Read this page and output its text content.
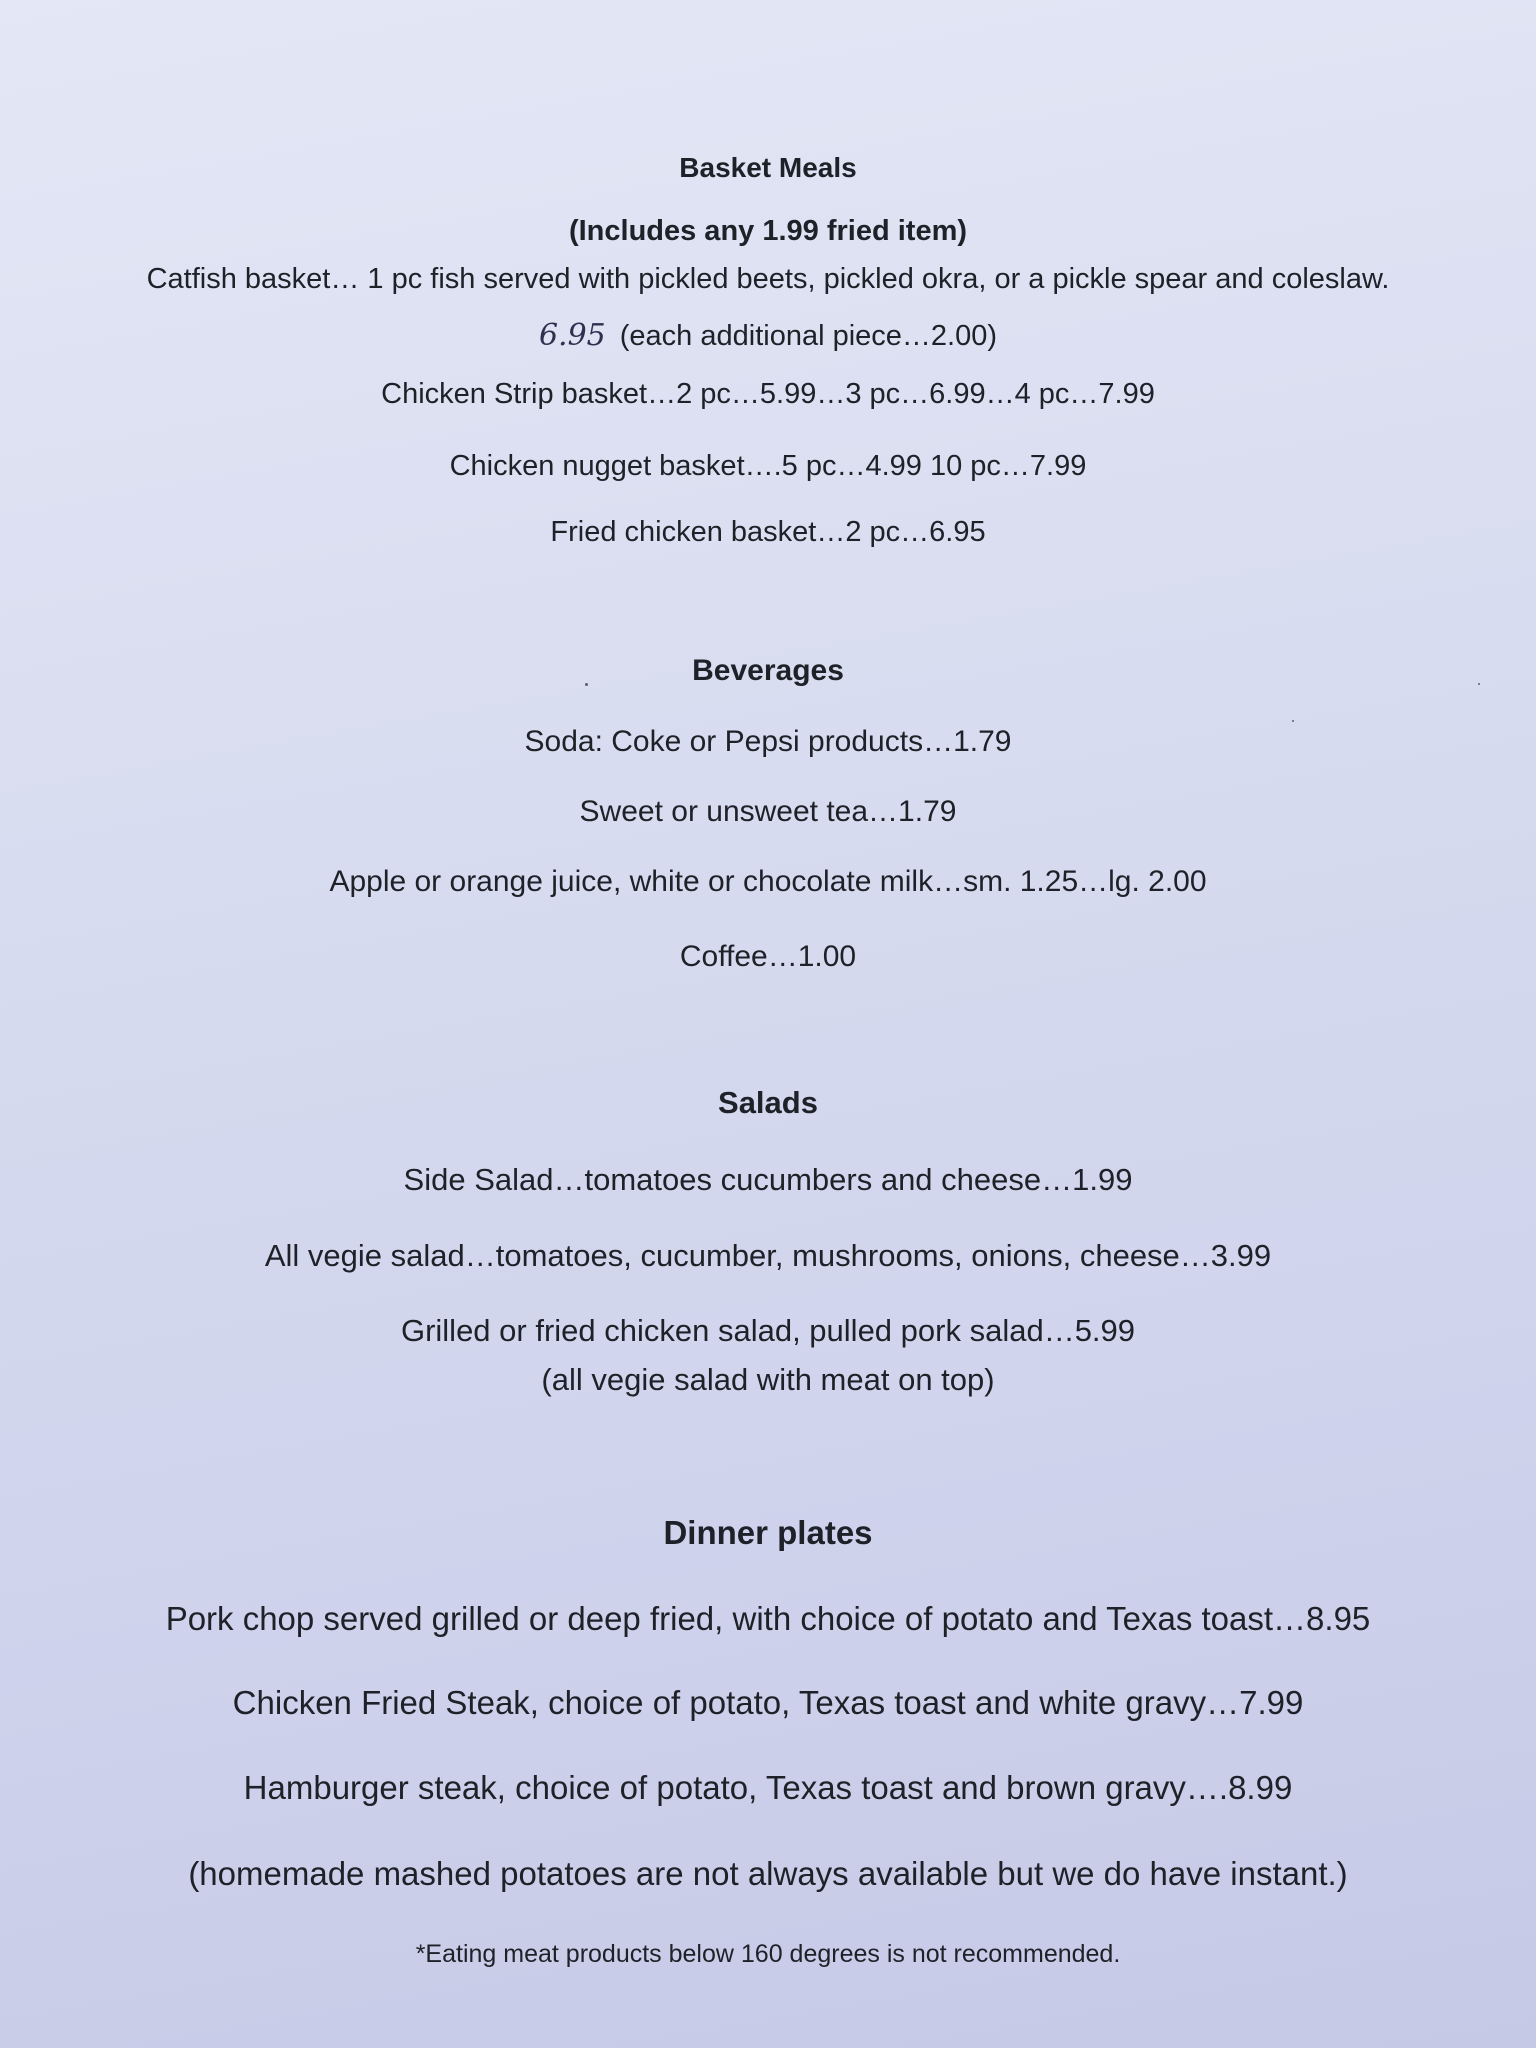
Basket Meals
(Includes any 1.99 fried item)
Catfish basket… 1 pc fish served with pickled beets, pickled okra, or a pickle spear and coleslaw.
6.95 (each additional piece…2.00)
Chicken Strip basket…2 pc…5.99…3 pc…6.99…4 pc…7.99
Chicken nugget basket….5 pc…4.99 10 pc…7.99
Fried chicken basket…2 pc…6.95
Beverages
Soda: Coke or Pepsi products…1.79
Sweet or unsweet tea…1.79
Apple or orange juice, white or chocolate milk…sm. 1.25…lg. 2.00
Coffee…1.00
Salads
Side Salad…tomatoes cucumbers and cheese…1.99
All vegie salad…tomatoes, cucumber, mushrooms, onions, cheese…3.99
Grilled or fried chicken salad, pulled pork salad…5.99
(all vegie salad with meat on top)
Dinner plates
Pork chop served grilled or deep fried, with choice of potato and Texas toast…8.95
Chicken Fried Steak, choice of potato, Texas toast and white gravy…7.99
Hamburger steak, choice of potato, Texas toast and brown gravy….8.99
(homemade mashed potatoes are not always available but we do have instant.)
*Eating meat products below 160 degrees is not recommended.
